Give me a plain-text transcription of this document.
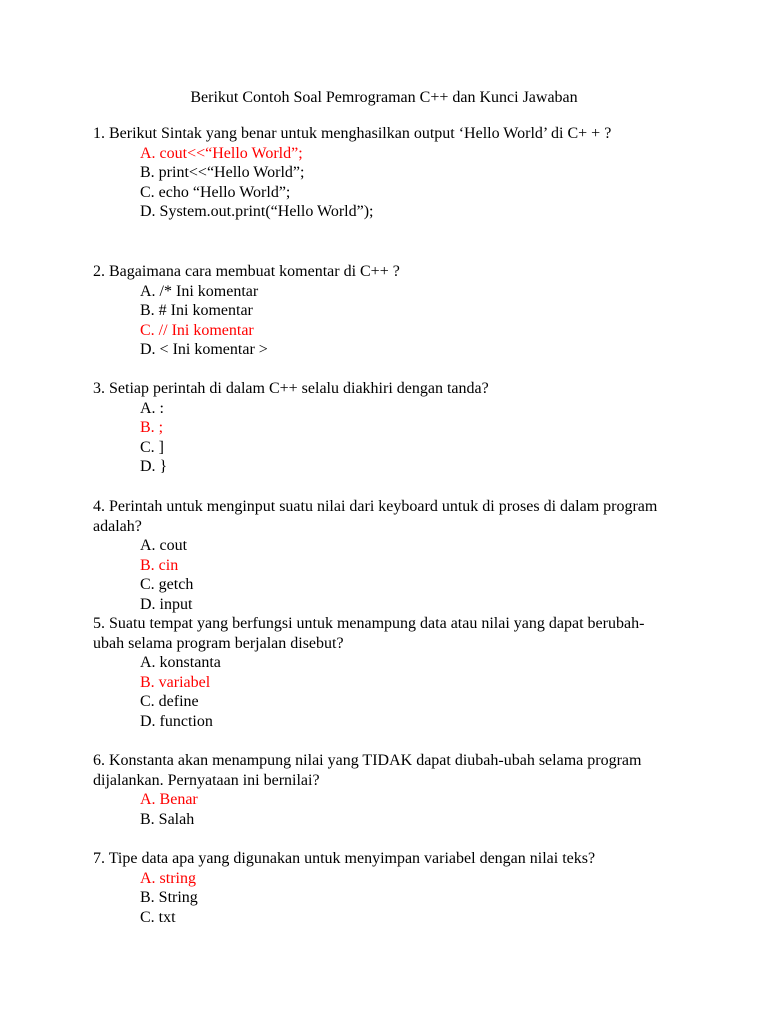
Berikut Contoh Soal Pemrograman C++ dan Kunci Jawaban
1. Berikut Sintak yang benar untuk menghasilkan output ‘Hello World’ di C+ + ?
A. cout<<“Hello World”;
B. print<<“Hello World”;
C. echo “Hello World”;
D. System.out.print(“Hello World”);
2. Bagaimana cara membuat komentar di C++ ?
A. /* Ini komentar
B. # Ini komentar
C. // Ini komentar
D. < Ini komentar >
3. Setiap perintah di dalam C++ selalu diakhiri dengan tanda?
A. :
B. ;
C. ]
D. }
4. Perintah untuk menginput suatu nilai dari keyboard untuk di proses di dalam program adalah?
A. cout
B. cin
C. getch
D. input
5. Suatu tempat yang berfungsi untuk menampung data atau nilai yang dapat berubah-ubah selama program berjalan disebut?
A. konstanta
B. variabel
C. define
D. function
6. Konstanta akan menampung nilai yang TIDAK dapat diubah-ubah selama program dijalankan. Pernyataan ini bernilai?
A. Benar
B. Salah
7. Tipe data apa yang digunakan untuk menyimpan variabel dengan nilai teks?
A. string
B. String
C. txt
